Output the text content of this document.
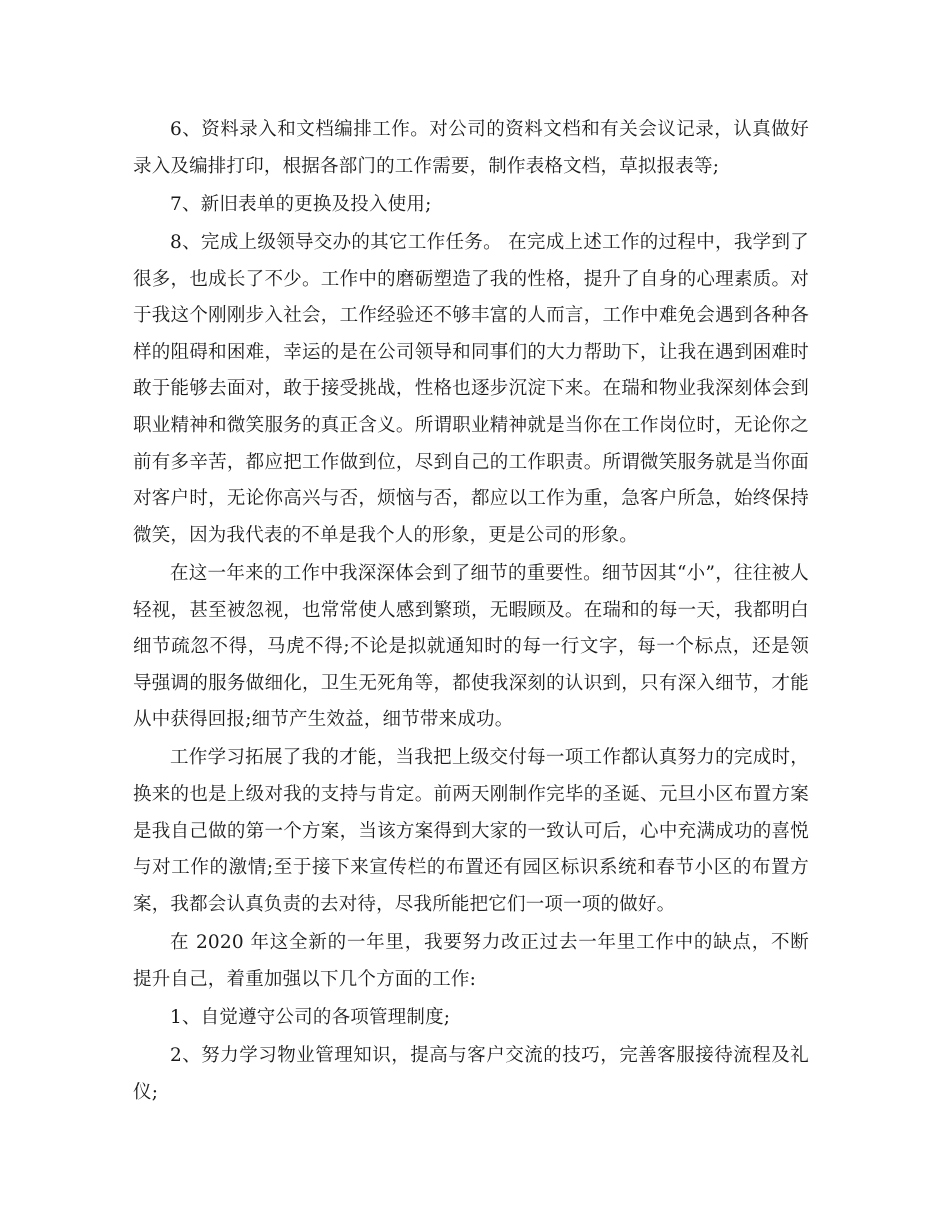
6、资料录入和文档编排工作。对公司的资料文档和有关会议记录，认真做好录入及编排打印，根据各部门的工作需要，制作表格文档，草拟报表等;

7、新旧表单的更换及投入使用;

8、完成上级领导交办的其它工作任务。 在完成上述工作的过程中，我学到了很多，也成长了不少。工作中的磨砺塑造了我的性格，提升了自身的心理素质。对于我这个刚刚步入社会，工作经验还不够丰富的人而言，工作中难免会遇到各种各样的阻碍和困难，幸运的是在公司领导和同事们的大力帮助下，让我在遇到困难时敢于能够去面对，敢于接受挑战，性格也逐步沉淀下来。在瑞和物业我深刻体会到职业精神和微笑服务的真正含义。所谓职业精神就是当你在工作岗位时，无论你之前有多辛苦，都应把工作做到位，尽到自己的工作职责。所谓微笑服务就是当你面对客户时，无论你高兴与否，烦恼与否，都应以工作为重，急客户所急，始终保持微笑，因为我代表的不单是我个人的形象，更是公司的形象。

在这一年来的工作中我深深体会到了细节的重要性。细节因其“小”，往往被人轻视，甚至被忽视，也常常使人感到繁琐，无暇顾及。在瑞和的每一天，我都明白细节疏忽不得，马虎不得;不论是拟就通知时的每一行文字，每一个标点，还是领导强调的服务做细化，卫生无死角等，都使我深刻的认识到，只有深入细节，才能从中获得回报;细节产生效益，细节带来成功。

工作学习拓展了我的才能，当我把上级交付每一项工作都认真努力的完成时，换来的也是上级对我的支持与肯定。前两天刚制作完毕的圣诞、元旦小区布置方案是我自己做的第一个方案，当该方案得到大家的一致认可后，心中充满成功的喜悦与对工作的激情;至于接下来宣传栏的布置还有园区标识系统和春节小区的布置方案，我都会认真负责的去对待，尽我所能把它们一项一项的做好。

在 2020 年这全新的一年里，我要努力改正过去一年里工作中的缺点，不断提升自己，着重加强以下几个方面的工作:

1、自觉遵守公司的各项管理制度;

2、努力学习物业管理知识，提高与客户交流的技巧，完善客服接待流程及礼仪;
